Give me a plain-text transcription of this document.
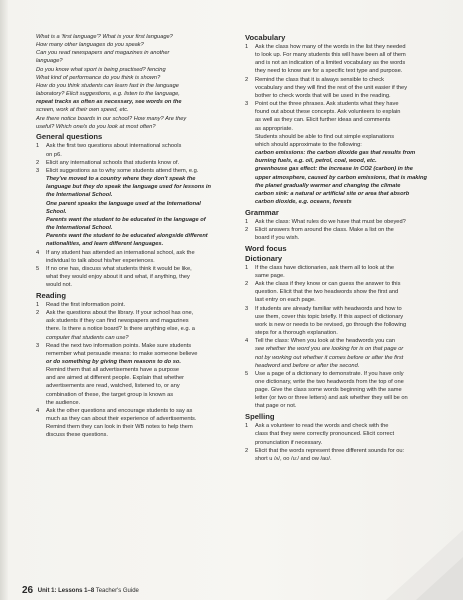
What is a 'first language'? What is your first language?
How many other languages do you speak?
Can you read newspapers and magazines in another
language?
Do you know what sport is being practised? fencing
What kind of performance do you think is shown?
How do you think students can learn fast in the language
laboratory? Elicit suggestions, e.g. listen to the language,
repeat tracks as often as necessary, see words on the
screen, work at their own speed, etc.
Are there notice boards in our school? How many? Are they
useful? Which one/s do you look at most often?
General questions
1 Ask the first two questions about international schools
on p6.
2 Elicit any international schools that students know of.
3 Elicit suggestions as to why some students attend them, e.g.
They've moved to a country where they don't speak the
language but they do speak the language used for lessons in
the International School.
One parent speaks the language used at the International
School.
Parents want the student to be educated in the language of
the International School.
Parents want the student to be educated alongside different
nationalities, and learn different languages.
4 If any student has attended an international school, ask the
individual to talk about his/her experiences.
5 If no one has, discuss what students think it would be like,
what they would enjoy about it and what, if anything, they
would not.
Reading
1 Read the first information point.
2 Ask the questions about the library. If your school has one,
ask students if they can find newspapers and magazines
there. Is there a notice board? Is there anything else, e.g. a
computer that students can use?
3 Read the next two information points. Make sure students
remember what persuade means: to make someone believe
or do something by giving them reasons to do so.
Remind them that all advertisements have a purpose
and are aimed at different people. Explain that whether
advertisements are read, watched, listened to, or any
combination of these, the target group is known as
the audience.
4 Ask the other questions and encourage students to say as
much as they can about their experience of advertisements.
Remind them they can look in their WB notes to help them
discuss these questions.
Vocabulary
1 Ask the class how many of the words in the list they needed
to look up. For many students this will have been all of them
and is not an indication of a limited vocabulary as the words
they need to know are for a specific text type and purpose.
2 Remind the class that it is always sensible to check
vocabulary and they will find the rest of the unit easier if they
bother to check words that will be used in the reading.
3 Point out the three phrases. Ask students what they have
found out about these concepts. Ask volunteers to explain
as well as they can. Elicit further ideas and comments
as appropriate.
Students should be able to find out simple explanations
which should approximate to the following:
carbon emissions: the carbon dioxide gas that results from
burning fuels, e.g. oil, petrol, coal, wood, etc.
greenhouse gas effect: the increase in CO2 (carbon) in the
upper atmosphere, caused by carbon emissions, that is making
the planet gradually warmer and changing the climate
carbon sink: a natural or artificial site or area that absorb
carbon dioxide, e.g. oceans, forests
Grammar
1 Ask the class: What rules do we have that must be obeyed?
2 Elicit answers from around the class. Make a list on the
board if you wish.
Word focus
Dictionary
1 If the class have dictionaries, ask them all to look at the
same page.
2 Ask the class if they know or can guess the answer to this
question. Elicit that the two headwords show the first and
last entry on each page.
3 If students are already familiar with headwords and how to
use them, cover this topic briefly. If this aspect of dictionary
work is new or needs to be revised, go through the following
steps for a thorough explanation.
4 Tell the class: When you look at the headwords you can
see whether the word you are looking for is on that page or
not by working out whether it comes before or after the first
headword and before or after the second.
5 Use a page of a dictionary to demonstrate. If you have only
one dictionary, write the two headwords from the top of one
page. Give the class some words beginning with the same
letter (or two or three letters) and ask whether they will be on
that page or not.
Spelling
1 Ask a volunteer to read the words and check with the
class that they were correctly pronounced. Elicit correct
pronunciation if necessary.
2 Elicit that the words represent three different sounds for ou:
short u /ʌ/, oo /uː/ and ow /aʊ/.
26 Unit 1: Lessons 1–8 Teacher's Guide
